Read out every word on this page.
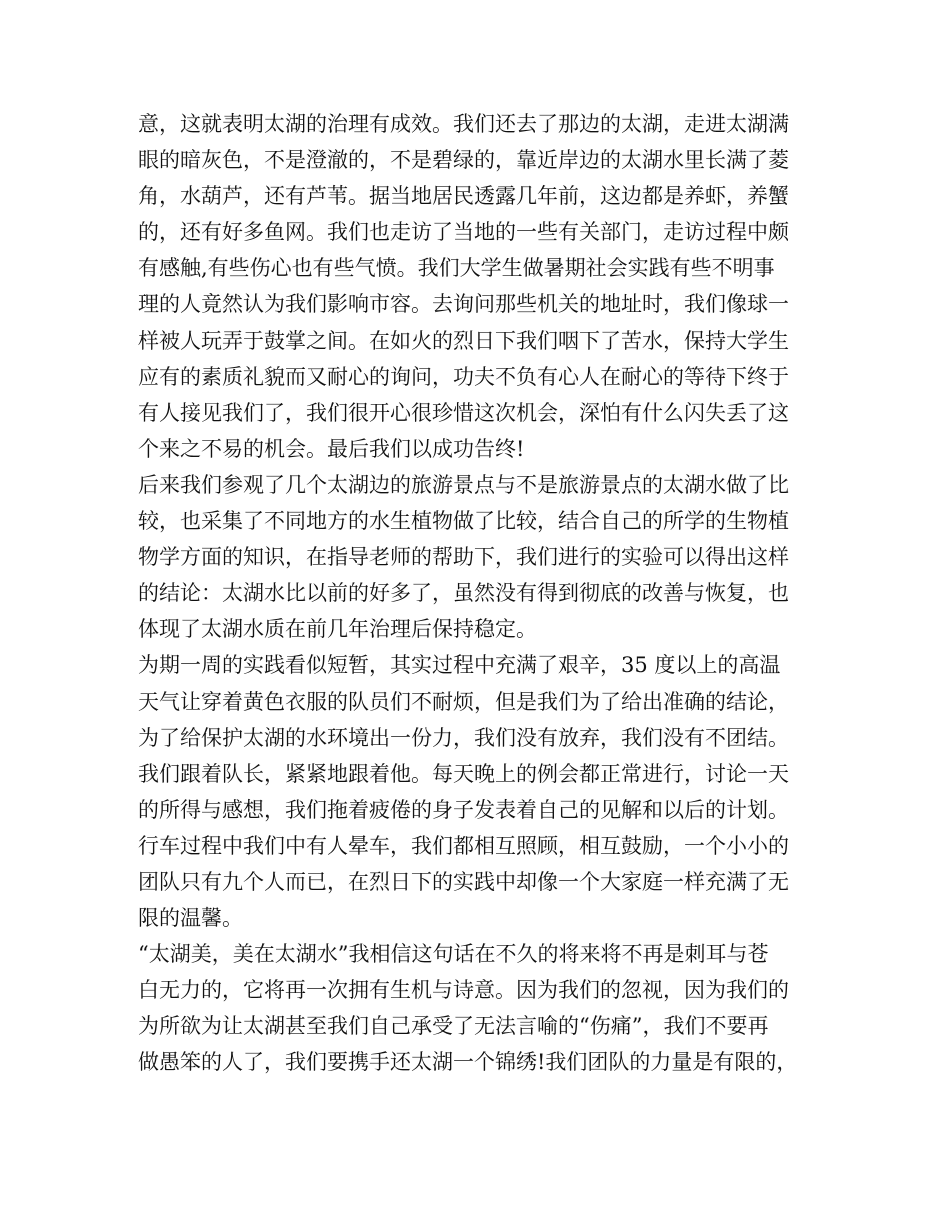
意，这就表明太湖的治理有成效。我们还去了那边的太湖，走进太湖满
眼的暗灰色，不是澄澈的，不是碧绿的，靠近岸边的太湖水里长满了菱
角，水葫芦，还有芦苇。据当地居民透露几年前，这边都是养虾，养蟹
的，还有好多鱼网。我们也走访了当地的一些有关部门，走访过程中颇
有感触,有些伤心也有些气愤。我们大学生做暑期社会实践有些不明事
理的人竟然认为我们影响市容。去询问那些机关的地址时，我们像球一
样被人玩弄于鼓掌之间。在如火的烈日下我们咽下了苦水，保持大学生
应有的素质礼貌而又耐心的询问，功夫不负有心人在耐心的等待下终于
有人接见我们了，我们很开心很珍惜这次机会，深怕有什么闪失丢了这
个来之不易的机会。最后我们以成功告终!
后来我们参观了几个太湖边的旅游景点与不是旅游景点的太湖水做了比
较，也采集了不同地方的水生植物做了比较，结合自己的所学的生物植
物学方面的知识，在指导老师的帮助下，我们进行的实验可以得出这样
的结论：太湖水比以前的好多了，虽然没有得到彻底的改善与恢复，也
体现了太湖水质在前几年治理后保持稳定。
为期一周的实践看似短暂，其实过程中充满了艰辛，35 度以上的高温
天气让穿着黄色衣服的队员们不耐烦，但是我们为了给出准确的结论，
为了给保护太湖的水环境出一份力，我们没有放弃，我们没有不团结。
我们跟着队长，紧紧地跟着他。每天晚上的例会都正常进行，讨论一天
的所得与感想，我们拖着疲倦的身子发表着自己的见解和以后的计划。
行车过程中我们中有人晕车，我们都相互照顾，相互鼓励，一个小小的
团队只有九个人而已，在烈日下的实践中却像一个大家庭一样充满了无
限的温馨。
“太湖美，美在太湖水”我相信这句话在不久的将来将不再是刺耳与苍
白无力的，它将再一次拥有生机与诗意。因为我们的忽视，因为我们的
为所欲为让太湖甚至我们自己承受了无法言喻的“伤痛”，我们不要再
做愚笨的人了，我们要携手还太湖一个锦绣!我们团队的力量是有限的，
